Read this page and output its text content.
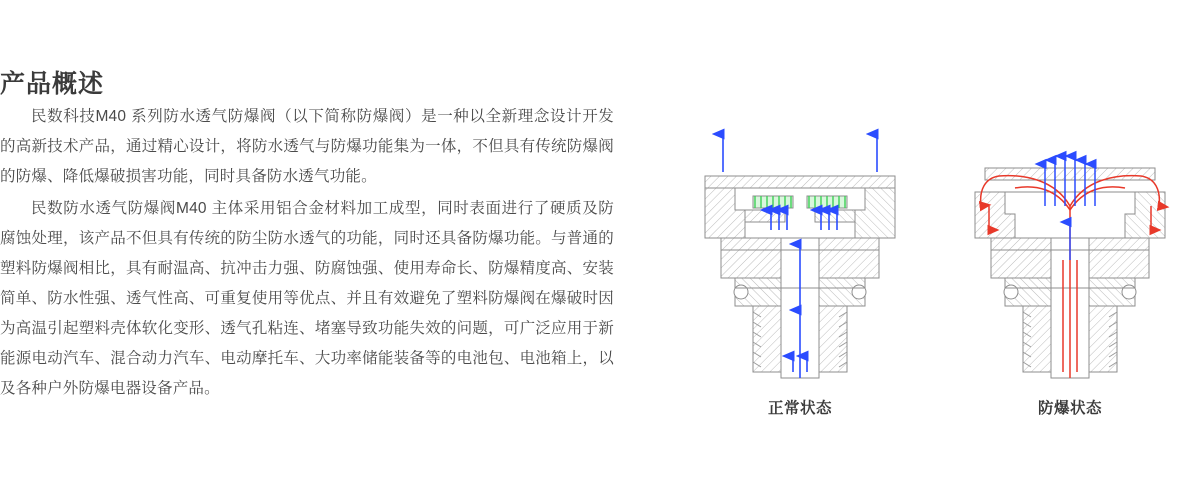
产品概述

民数科技M40 系列防水透气防爆阀（以下简称防爆阀）是一种以全新理念设计开发的高新技术产品，通过精心设计，将防水透气与防爆功能集为一体，不但具有传统防爆阀的防爆、降低爆破损害功能，同时具备防水透气功能。

民数防水透气防爆阀M40 主体采用铝合金材料加工成型，同时表面进行了硬质及防腐蚀处理，该产品不但具有传统的防尘防水透气的功能，同时还具备防爆功能。与普通的塑料防爆阀相比，具有耐温高、抗冲击力强、防腐蚀强、使用寿命长、防爆精度高、安装简单、防水性强、透气性高、可重复使用等优点、并且有效避免了塑料防爆阀在爆破时因为高温引起塑料壳体软化变形、透气孔粘连、堵塞导致功能失效的问题，可广泛应用于新能源电动汽车、混合动力汽车、电动摩托车、大功率储能装备等的电池包、电池箱上，以及各种户外防爆电器设备产品。

正常状态	防爆状态
